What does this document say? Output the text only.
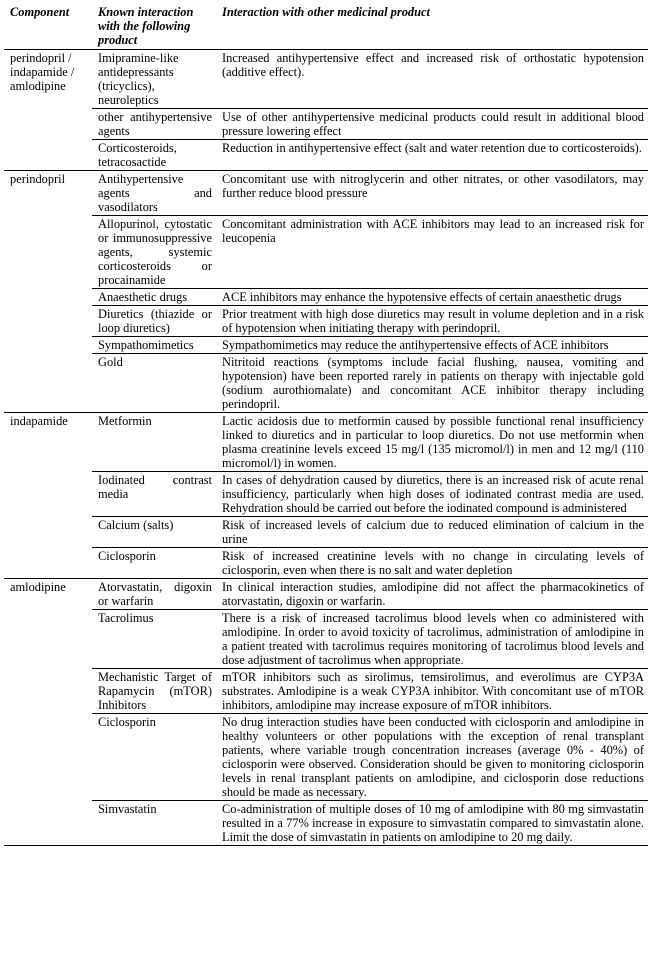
Component	Known interaction with the following product	Interaction with other medicinal product
perindopril / indapamide / amlodipine	Imipramine-like antidepressants (tricyclics), neuroleptics	Increased antihypertensive effect and increased risk of orthostatic hypotension (additive effect).
	other antihypertensive agents	Use of other antihypertensive medicinal products could result in additional blood pressure lowering effect
	Corticosteroids, tetracosactide	Reduction in antihypertensive effect (salt and water retention due to corticosteroids).
perindopril	Antihypertensive agents and vasodilators	Concomitant use with nitroglycerin and other nitrates, or other vasodilators, may further reduce blood pressure
	Allopurinol, cytostatic or immunosuppressive agents, systemic corticosteroids or procainamide	Concomitant administration with ACE inhibitors may lead to an increased risk for leucopenia
	Anaesthetic drugs	ACE inhibitors may enhance the hypotensive effects of certain anaesthetic drugs
	Diuretics (thiazide or loop diuretics)	Prior treatment with high dose diuretics may result in volume depletion and in a risk of hypotension when initiating therapy with perindopril.
	Sympathomimetics	Sympathomimetics may reduce the antihypertensive effects of ACE inhibitors
	Gold	Nitritoid reactions (symptoms include facial flushing, nausea, vomiting and hypotension) have been reported rarely in patients on therapy with injectable gold (sodium aurothiomalate) and concomitant ACE inhibitor therapy including perindopril.
indapamide	Metformin	Lactic acidosis due to metformin caused by possible functional renal insufficiency linked to diuretics and in particular to loop diuretics. Do not use metformin when plasma creatinine levels exceed 15 mg/l (135 micromol/l) in men and 12 mg/l (110 micromol/l) in women.
	Iodinated contrast media	In cases of dehydration caused by diuretics, there is an increased risk of acute renal insufficiency, particularly when high doses of iodinated contrast media are used. Rehydration should be carried out before the iodinated compound is administered
	Calcium (salts)	Risk of increased levels of calcium due to reduced elimination of calcium in the urine
	Ciclosporin	Risk of increased creatinine levels with no change in circulating levels of ciclosporin, even when there is no salt and water depletion
amlodipine	Atorvastatin, digoxin or warfarin	In clinical interaction studies, amlodipine did not affect the pharmacokinetics of atorvastatin, digoxin or warfarin.
	Tacrolimus	There is a risk of increased tacrolimus blood levels when co administered with amlodipine. In order to avoid toxicity of tacrolimus, administration of amlodipine in a patient treated with tacrolimus requires monitoring of tacrolimus blood levels and dose adjustment of tacrolimus when appropriate.
	Mechanistic Target of Rapamycin (mTOR) Inhibitors	mTOR inhibitors such as sirolimus, temsirolimus, and everolimus are CYP3A substrates. Amlodipine is a weak CYP3A inhibitor. With concomitant use of mTOR inhibitors, amlodipine may increase exposure of mTOR inhibitors.
	Ciclosporin	No drug interaction studies have been conducted with ciclosporin and amlodipine in healthy volunteers or other populations with the exception of renal transplant patients, where variable trough concentration increases (average 0% - 40%) of ciclosporin were observed. Consideration should be given to monitoring ciclosporin levels in renal transplant patients on amlodipine, and ciclosporin dose reductions should be made as necessary.
	Simvastatin	Co-administration of multiple doses of 10 mg of amlodipine with 80 mg simvastatin resulted in a 77% increase in exposure to simvastatin compared to simvastatin alone. Limit the dose of simvastatin in patients on amlodipine to 20 mg daily.
